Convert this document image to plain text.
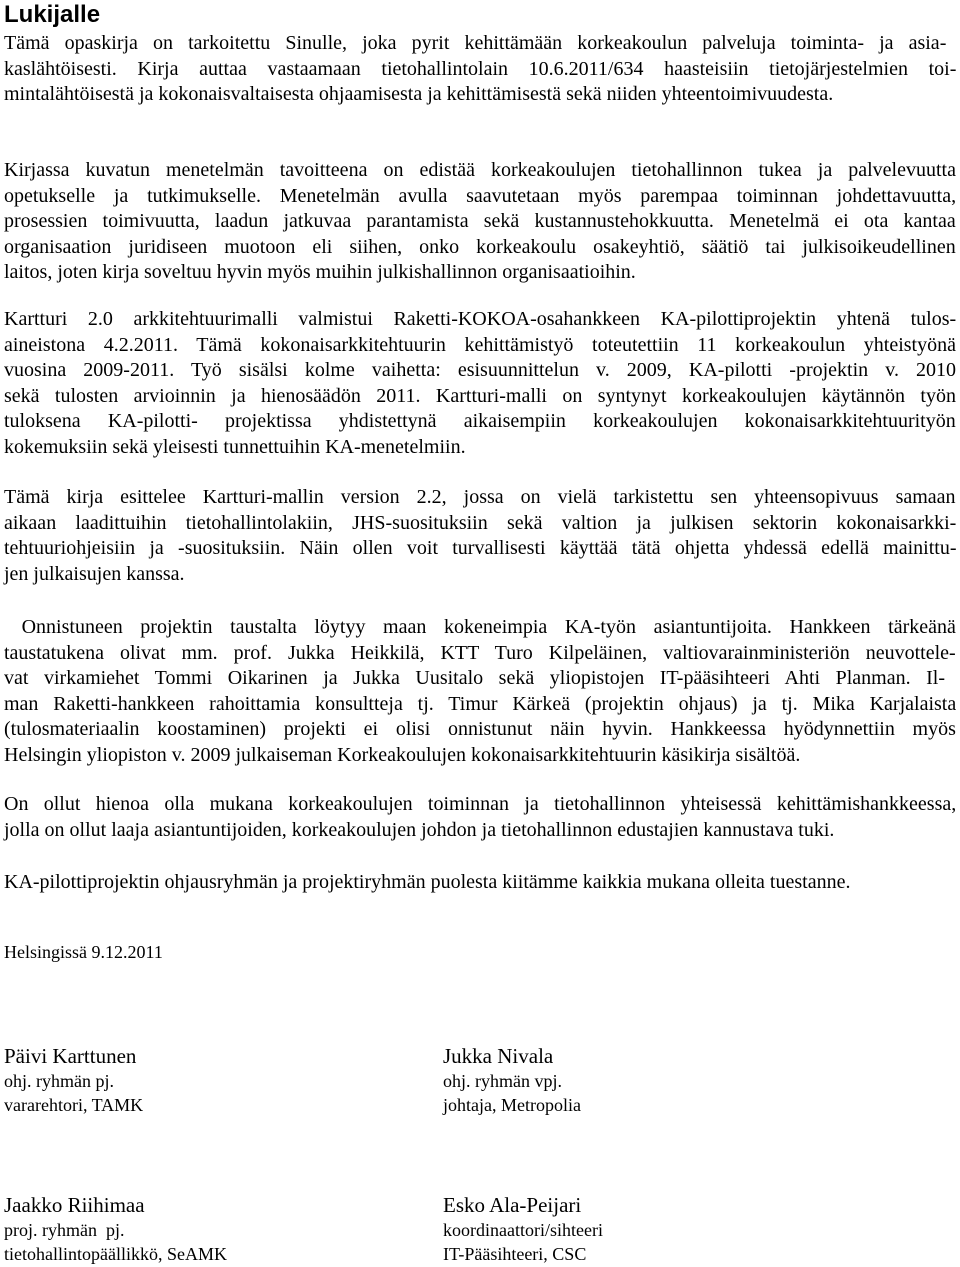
Lukijalle

Tämä opaskirja on tarkoitettu Sinulle, joka pyrit kehittämään korkeakoulun palveluja toiminta- ja asia-
kaslähtöisesti. Kirja auttaa vastaamaan tietohallintolain 10.6.2011/634 haasteisiin tietojärjestelmien toi-
mintalähtöisestä ja kokonaisvaltaisesta ohjaamisesta ja kehittämisestä sekä niiden yhteentoimivuudesta.

Kirjassa kuvatun menetelmän tavoitteena on edistää korkeakoulujen tietohallinnon tukea ja palvelevuutta
opetukselle ja tutkimukselle. Menetelmän avulla saavutetaan myös parempaa toiminnan johdettavuutta,
prosessien toimivuutta, laadun jatkuvaa parantamista sekä kustannustehokkuutta. Menetelmä ei ota kantaa
organisaation juridiseen muotoon eli siihen, onko korkeakoulu osakeyhtiö, säätiö tai julkisoikeudellinen
laitos, joten kirja soveltuu hyvin myös muihin julkishallinnon organisaatioihin.

Kartturi 2.0 arkkitehtuurimalli valmistui Raketti-KOKOA-osahankkeen KA-pilottiprojektin yhtenä tulos-
aineistona 4.2.2011. Tämä kokonaisarkkitehtuurin kehittämistyö toteutettiin 11 korkeakoulun yhteistyönä
vuosina 2009-2011. Työ sisälsi kolme vaihetta: esisuunnittelun v. 2009, KA-pilotti -projektin v. 2010
sekä tulosten arvioinnin ja hienosäädön 2011. Kartturi-malli on syntynyt korkeakoulujen käytännön työn
tuloksena KA-pilotti- projektissa yhdistettynä aikaisempiin korkeakoulujen kokonaisarkkitehtuurityön
kokemuksiin sekä yleisesti tunnettuihin KA-menetelmiin.

Tämä kirja esittelee Kartturi-mallin version 2.2, jossa on vielä tarkistettu sen yhteensopivuus samaan
aikaan laadittuihin tietohallintolakiin, JHS-suosituksiin sekä valtion ja julkisen sektorin kokonaisarkki-
tehtuuriohjeisiin ja -suosituksiin. Näin ollen voit turvallisesti käyttää tätä ohjetta yhdessä edellä mainittu-
jen julkaisujen kanssa.

Onnistuneen projektin taustalta löytyy maan kokeneimpia KA-työn asiantuntijoita. Hankkeen tärkeänä
taustatukena olivat mm. prof. Jukka Heikkilä, KTT Turo Kilpeläinen, valtiovarainministeriön neuvottele-
vat virkamiehet Tommi Oikarinen ja Jukka Uusitalo sekä yliopistojen IT-pääsihteeri Ahti Planman. Il-
man Raketti-hankkeen rahoittamia konsultteja tj. Timur Kärkeä (projektin ohjaus) ja tj. Mika Karjalaista
(tulosmateriaalin koostaminen) projekti ei olisi onnistunut näin hyvin. Hankkeessa hyödynnettiin myös
Helsingin yliopiston v. 2009 julkaiseman Korkeakoulujen kokonaisarkkitehtuurin käsikirja sisältöä.

On ollut hienoa olla mukana korkeakoulujen toiminnan ja tietohallinnon yhteisessä kehittämishankkeessa,
jolla on ollut laaja asiantuntijoiden, korkeakoulujen johdon ja tietohallinnon edustajien kannustava tuki.

KA-pilottiprojektin ohjausryhmän ja projektiryhmän puolesta kiitämme kaikkia mukana olleita tuestanne.

Helsingissä 9.12.2011

Päivi Karttunen
ohj. ryhmän pj.
vararehtori, TAMK
Jukka Nivala
ohj. ryhmän vpj.
johtaja, Metropolia
Jaakko Riihimaa
proj. ryhmän  pj.
tietohallintopäällikkö, SeAMK
Esko Ala-Peijari
koordinaattori/sihteeri
IT-Pääsihteeri, CSC
